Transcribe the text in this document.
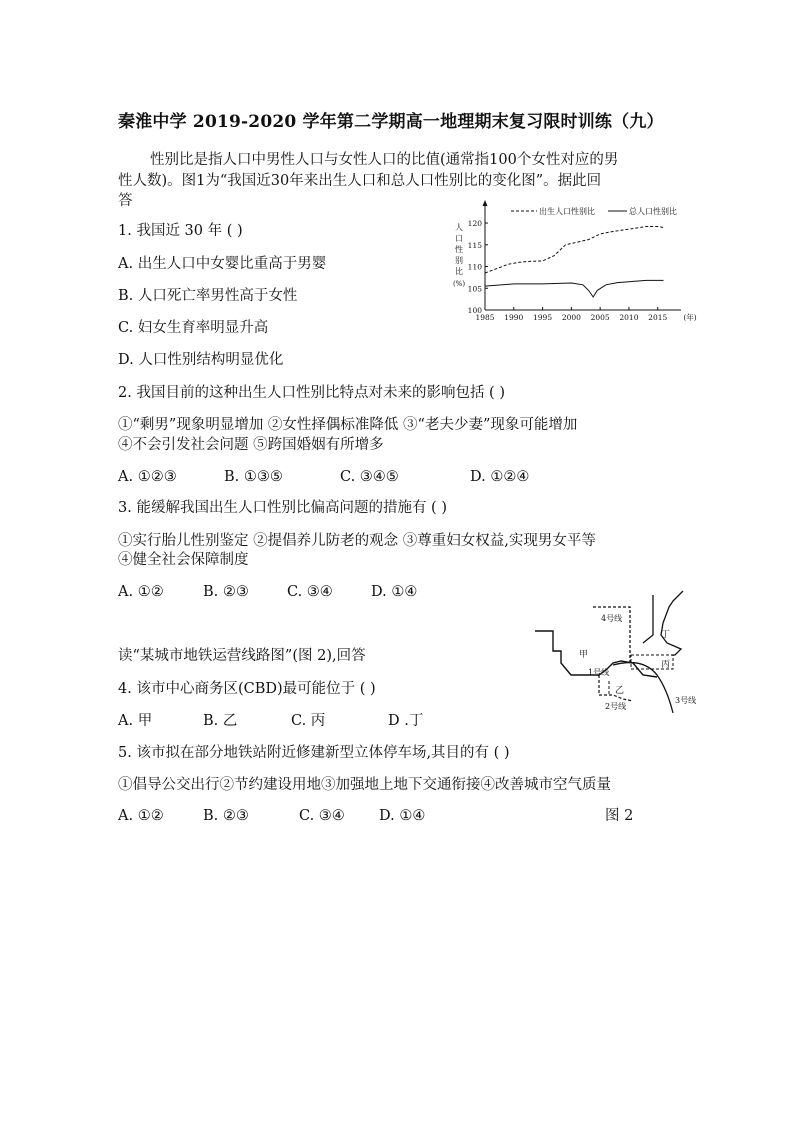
秦淮中学 2019-2020 学年第二学期高一地理期末复习限时训练（九）
性别比是指人口中男性人口与女性人口的比值(通常指100个女性对应的男
性人数)。图1为“我国近30年来出生人口和总人口性别比的变化图”。据此回
答
1. 我国近 30 年 ( )
A. 出生人口中女婴比重高于男婴
B. 人口死亡率男性高于女性
C. 妇女生育率明显升高
D. 人口性别结构明显优化
1985 1990 1995 2000 2005 2010 2015
100
105
110
115
120
人
口
性
别
比
(%)
(年)
出生人口性别比	总人口性别比
2. 我国目前的这种出生人口性别比特点对未来的影响包括 ( )
①“剩男”现象明显增加 ②女性择偶标准降低 ③“老夫少妻”现象可能增加
④不会引发社会问题 ⑤跨国婚姻有所增多
A. ①②③	B. ①③⑤	C. ③④⑤	D. ①②④
3. 能缓解我国出生人口性别比偏高问题的措施有 ( )
①实行胎儿性别鉴定 ②提倡养儿防老的观念 ③尊重妇女权益,实现男女平等
④健全社会保障制度
A. ①②	B. ②③	C. ③④	D. ①④
4号线
1号线
2号线
3号线
甲
乙
丙
丁
读“某城市地铁运营线路图”(图 2),回答
4. 该市中心商务区(CBD)最可能位于 ( )
A. 甲	B. 乙	C. 丙	D .丁
5. 该市拟在部分地铁站附近修建新型立体停车场,其目的有 ( )
①倡导公交出行②节约建设用地③加强地上地下交通衔接④改善城市空气质量
A. ①②	B. ②③	C. ③④ D. ①④	图 2
